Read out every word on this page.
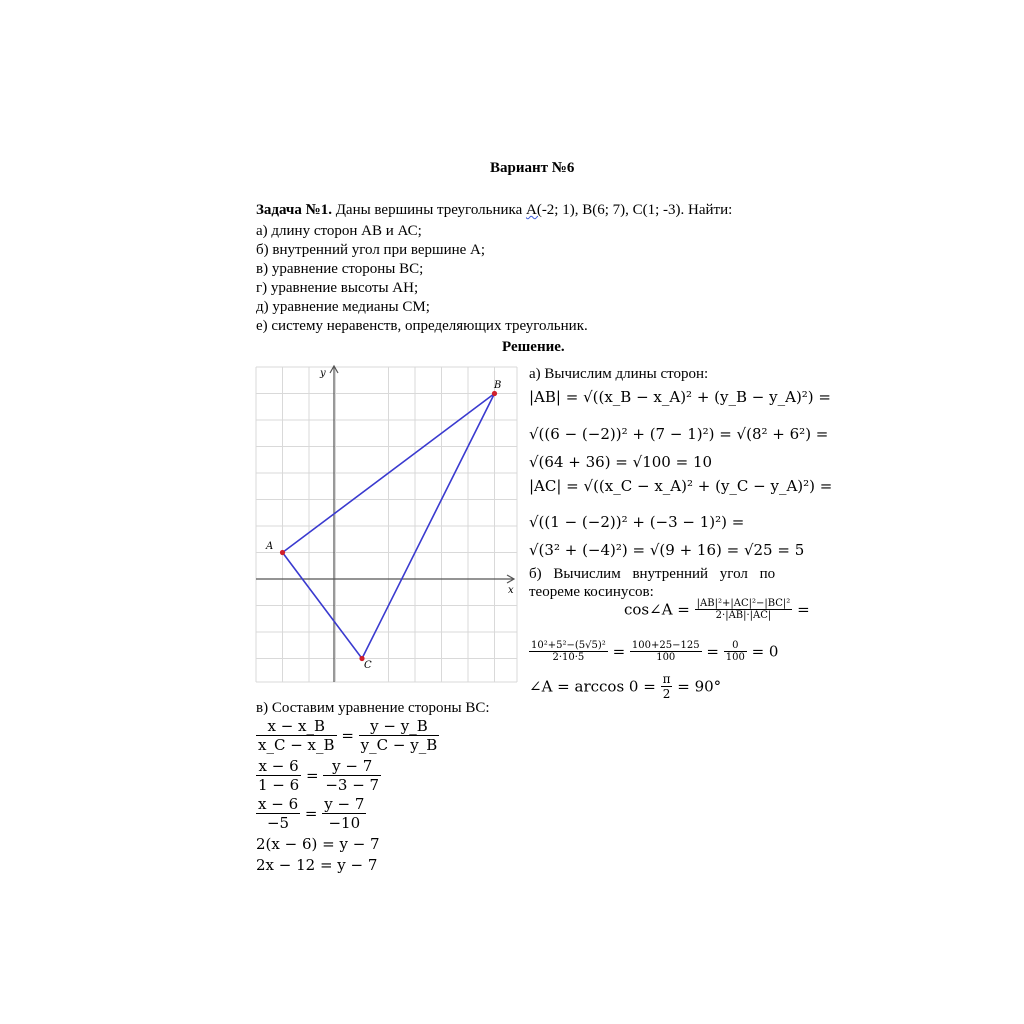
Вариант №6
Задача №1. Даны вершины треугольника А(-2; 1), В(6; 7), С(1; -3). Найти:
а) длину сторон АВ и АС;
б) внутренний угол при вершине А;
в) уравнение стороны ВС;
г) уравнение высоты АН;
д) уравнение медианы СМ;
е) систему неравенств, определяющих треугольник.
Решение.
x
y
A
B
C
а) Вычислим длины сторон:
|AB| = √((x_B − x_A)² + (y_B − y_A)²) =
√((6 − (−2))² + (7 − 1)²) = √(8² + 6²) =
√(64 + 36) = √100 = 10
|AC| = √((x_C − x_A)² + (y_C − y_A)²) =
√((1 − (−2))² + (−3 − 1)²) =
√(3² + (−4)²) = √(9 + 16) = √25 = 5
б) Вычислим внутренний угол по
теореме косинусов:
cos∠A = $\frac{\text{|AB|²+|AC|²−|BC|²}}{2\cdot|AB|\cdot|AC|}$ =
$\frac{\text{10²+5²−(5√5)²}}{2\cdot 10\cdot 5} = \frac{100+25-125}{100} = \frac{0}{100} = 0$
∠A = $\arccos 0 = \frac{\pi}{2} = 90^\circ$
в) Составим уравнение стороны ВС:
$\frac{x - x\_B}{x\_C - x\_B} = \frac{y - y\_B}{y\_C - y\_B}$
$\frac{x - 6}{1 - 6} = \frac{y - 7}{-3 - 7}$
$\frac{x - 6}{-5} = \frac{y - 7}{-10}$
2(x − 6) = y − 7
2x − 12 = y − 7
